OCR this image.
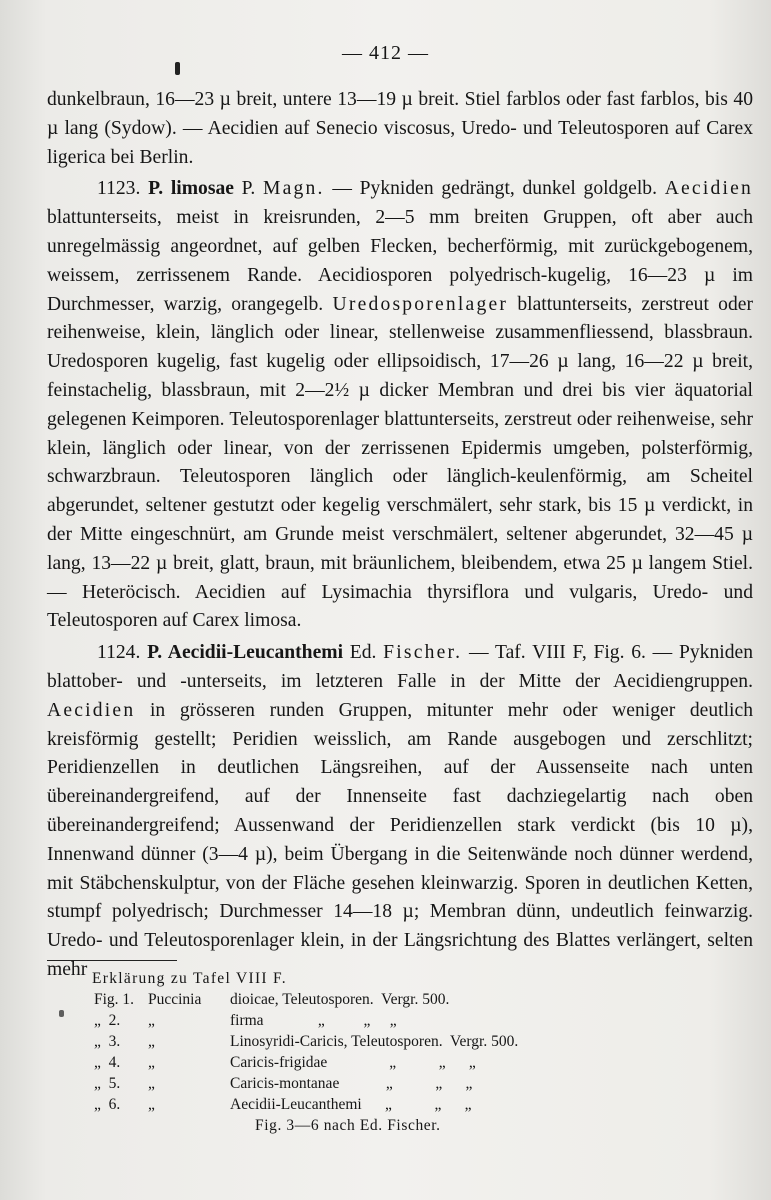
— 412 —

dunkelbraun, 16—23 µ breit, untere 13—19 µ breit. Stiel farblos oder fast farblos, bis 40 µ lang (Sydow). — Aecidien auf Senecio viscosus, Uredo- und Teleutosporen auf Carex ligerica bei Berlin.

1123. P. limosae P. Magn. — Pykniden gedrängt, dunkel goldgelb. Aecidien blattunterseits, meist in kreisrunden, 2—5 mm breiten Gruppen, oft aber auch unregelmässig angeordnet, auf gelben Flecken, becherförmig, mit zurückgebogenem, weissem, zerrissenem Rande. Aecidiosporen polyedrisch-kugelig, 16—23 µ im Durchmesser, warzig, orangegelb. Uredosporenlager blattunterseits, zerstreut oder reihenweise, klein, länglich oder linear, stellenweise zusammenfliessend, blassbraun. Uredosporen kugelig, fast kugelig oder ellipsoidisch, 17—26 µ lang, 16—22 µ breit, feinstachelig, blassbraun, mit 2—2½ µ dicker Membran und drei bis vier äquatorial gelegenen Keimporen. Teleutosporenlager blattunterseits, zerstreut oder reihenweise, sehr klein, länglich oder linear, von der zerrissenen Epidermis umgeben, polsterförmig, schwarzbraun. Teleutosporen länglich oder länglich-keulenförmig, am Scheitel abgerundet, seltener gestutzt oder kegelig verschmälert, sehr stark, bis 15 µ verdickt, in der Mitte eingeschnürt, am Grunde meist verschmälert, seltener abgerundet, 32—45 µ lang, 13—22 µ breit, glatt, braun, mit bräunlichem, bleibendem, etwa 25 µ langem Stiel. — Heteröcisch. Aecidien auf Lysimachia thyrsiflora und vulgaris, Uredo- und Teleutosporen auf Carex limosa.

1124. P. Aecidii-Leucanthemi Ed. Fischer. — Taf. VIII F, Fig. 6. — Pykniden blattober- und -unterseits, im letzteren Falle in der Mitte der Aecidiengruppen. Aecidien in grösseren runden Gruppen, mitunter mehr oder weniger deutlich kreisförmig gestellt; Peridien weisslich, am Rande ausgebogen und zerschlitzt; Peridienzellen in deutlichen Längsreihen, auf der Aussenseite nach unten übereinandergreifend, auf der Innenseite fast dachziegelartig nach oben übereinandergreifend; Aussenwand der Peridienzellen stark verdickt (bis 10 µ), Innenwand dünner (3—4 µ), beim Übergang in die Seitenwände noch dünner werdend, mit Stäbchenskulptur, von der Fläche gesehen kleinwarzig. Sporen in deutlichen Ketten, stumpf polyedrisch; Durchmesser 14—18 µ; Membran dünn, undeutlich feinwarzig. Uredo- und Teleutosporenlager klein, in der Längsrichtung des Blattes verlängert, selten mehr Erklärung zu Tafel VIII F.
Fig. 1. Puccinia dioicae, Teleutosporen.  Vergr. 500.
„  2. „	firma              „          „     „
„  3. „	Linosyridi-Caricis, Teleutosporen.  Vergr. 500.
„  4. „	Caricis-frigidae                „           „      „
„  5. „	Caricis-montanae            „           „      „
„  6. „	Aecidii-Leucanthemi      „           „      „
Fig. 3—6 nach Ed. Fischer.
